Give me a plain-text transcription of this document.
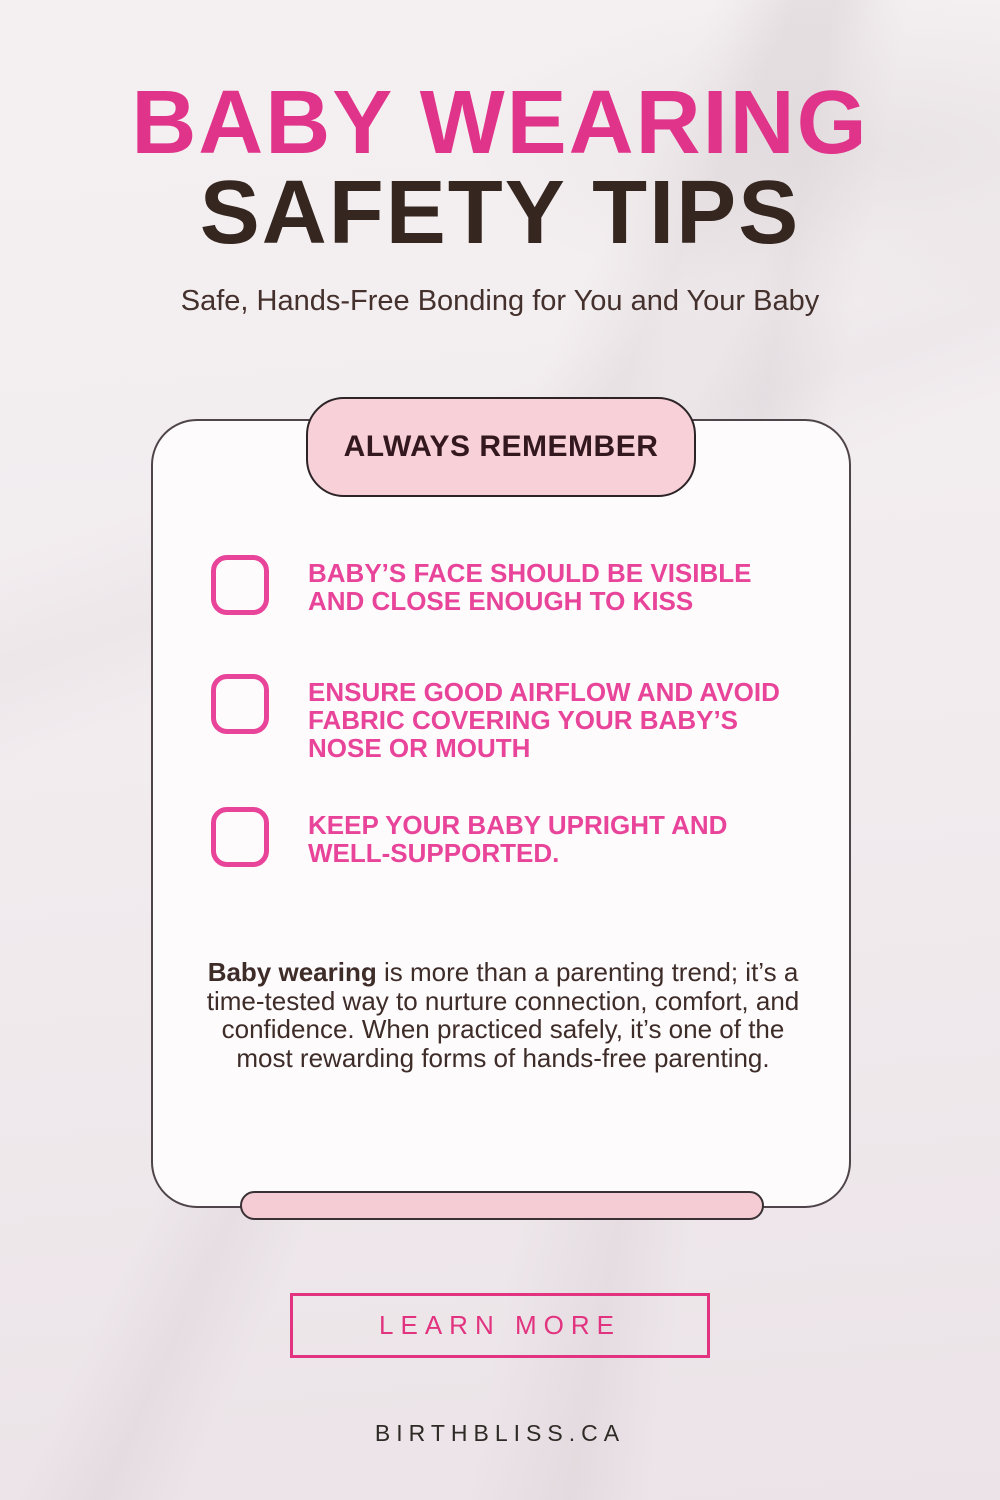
BABY WEARING
SAFETY TIPS
Safe, Hands-Free Bonding for You and Your Baby
BABY’S FACE SHOULD BE VISIBLE AND CLOSE ENOUGH TO KISS
ENSURE GOOD AIRFLOW AND AVOID FABRIC COVERING YOUR BABY’S NOSE OR MOUTH
KEEP YOUR BABY UPRIGHT AND WELL-SUPPORTED.
Baby wearing is more than a parenting trend; it’s a time-tested way to nurture connection, comfort, and confidence. When practiced safely, it’s one of the most rewarding forms of hands-free parenting.
ALWAYS REMEMBER
LEARN MORE
BIRTHBLISS.CA
